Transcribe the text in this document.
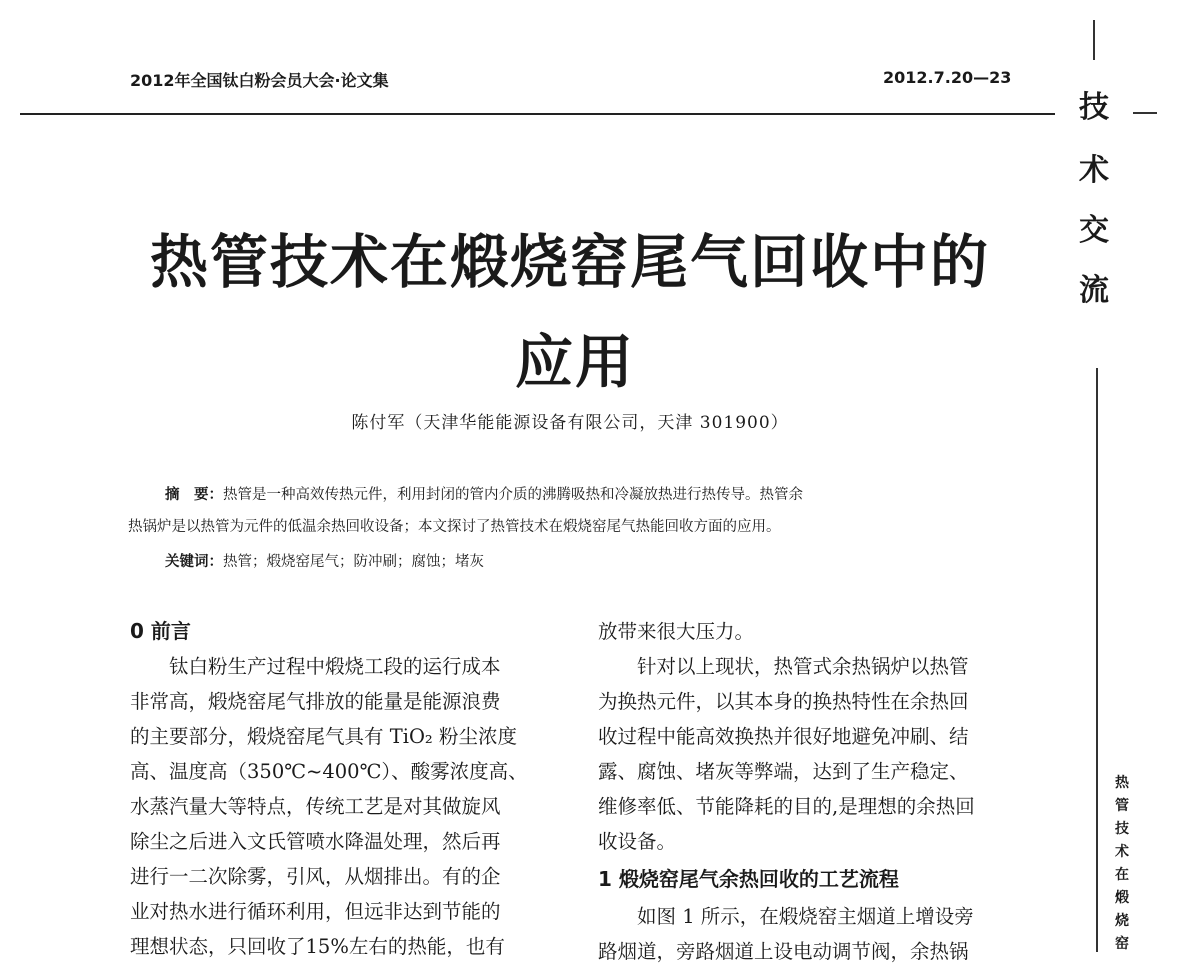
2012年全国钛白粉会员大会·论文集	2012.7.20—23
技
术
交
流
热
管
技
术
在
煅
烧
窑
热管技术在煅烧窑尾气回收中的
应用
陈付军（天津华能能源设备有限公司，天津 301900）
摘　要：热管是一种高效传热元件，利用封闭的管内介质的沸腾吸热和冷凝放热进行热传导。热管余
热锅炉是以热管为元件的低温余热回收设备；本文探讨了热管技术在煅烧窑尾气热能回收方面的应用。
关键词：热管；煅烧窑尾气；防冲刷；腐蚀；堵灰

0 前言

钛白粉生产过程中煅烧工段的运行成本

非常高，煅烧窑尾气排放的能量是能源浪费

的主要部分，煅烧窑尾气具有 TiO₂ 粉尘浓度

高、温度高（350℃~400℃）、酸雾浓度高、

水蒸汽量大等特点，传统工艺是对其做旋风

除尘之后进入文氏管喷水降温处理，然后再

进行一二次除雾，引风，从烟排出。有的企

业对热水进行循环利用，但远非达到节能的

理想状态，只回收了15%左右的热能，也有

放带来很大压力。

针对以上现状，热管式余热锅炉以热管

为换热元件，以其本身的换热特性在余热回

收过程中能高效换热并很好地避免冲刷、结

露、腐蚀、堵灰等弊端，达到了生产稳定、

维修率低、节能降耗的目的,是理想的余热回

收设备。

1 煅烧窑尾气余热回收的工艺流程

如图 1 所示，在煅烧窑主烟道上增设旁

路烟道，旁路烟道上设电动调节阀，余热锅
